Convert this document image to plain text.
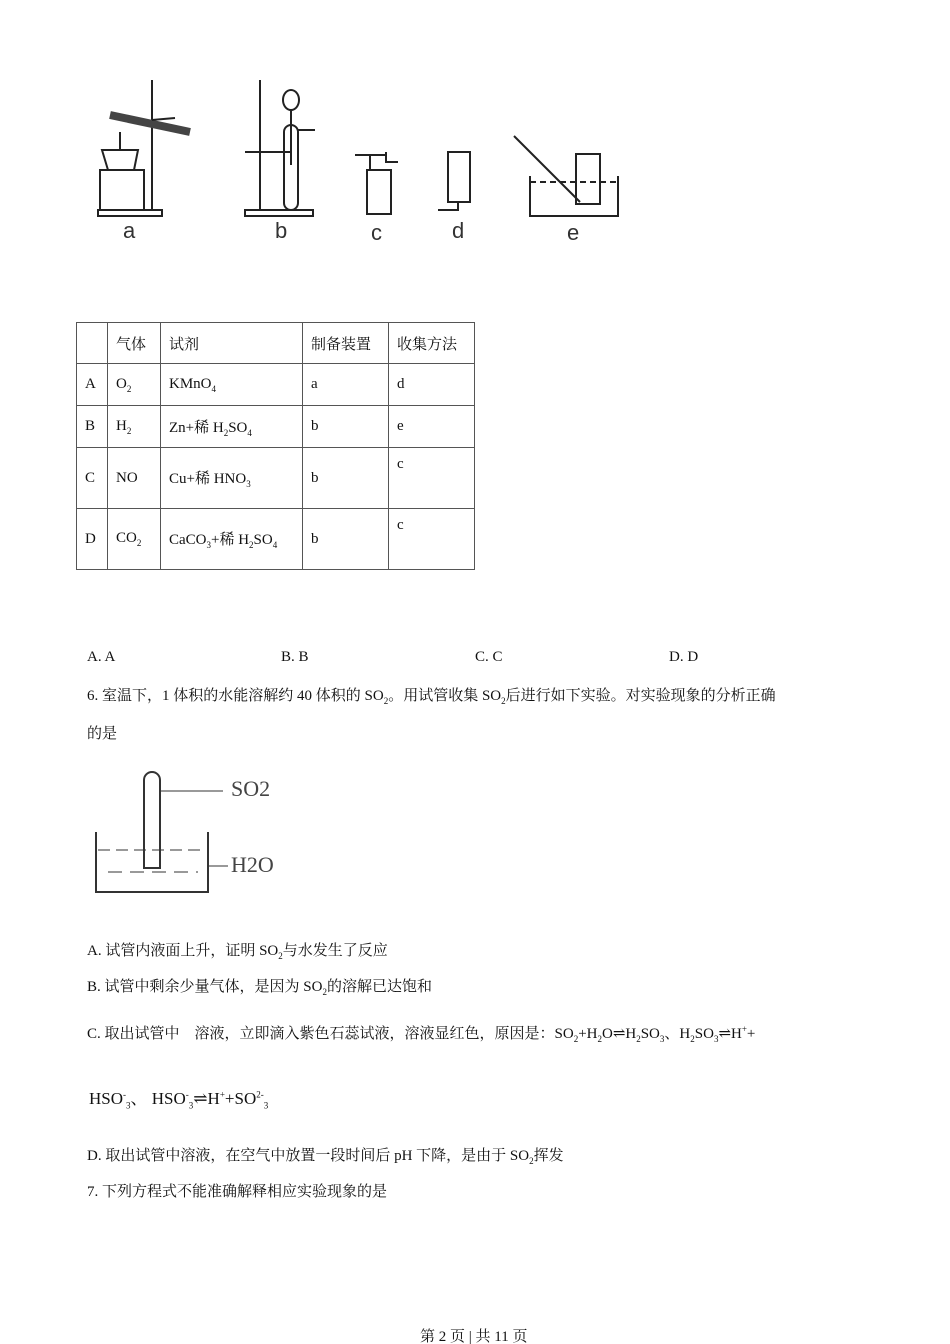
a	b	c	d	e
	气体	试剂	制备装置	收集方法
A	$O_2$	KMnO$_4$	a	d
B	$H_2$	Zn+稀 $H_2SO_4$	b	e
C	NO	Cu+稀 $HNO_3$	b	c
D	$CO_2$	CaCO$_3$+稀 $H_2SO_4$	b	c
A. A	B. B	C. C	D. D
6. 室温下，1 体积的水能溶解约 40 体积的 $SO_2$。用试管收集 $SO_2$后进行如下实验。对实验现象的分析正确
的是
SO2
H2O
A. 试管内液面上升，证明 $SO_2$与水发生了反应
B. 试管中剩余少量气体，是因为 $SO_2$的溶解已达饱和
C. 取出试管中　溶液，立即滴入紫色石蕊试液，溶液显红色，原因是：$SO_2+H_2O\rightleftharpoons H_2SO_3$、$H_2SO_3\rightleftharpoons H^++$
$HSO^-_3$、 $HSO^-_3\rightleftharpoons H^++SO^{2-}_3$
D. 取出试管中溶液，在空气中放置一段时间后 pH 下降，是由于 $SO_2$挥发
7. 下列方程式不能准确解释相应实验现象的是
第 2 页 | 共 11 页
